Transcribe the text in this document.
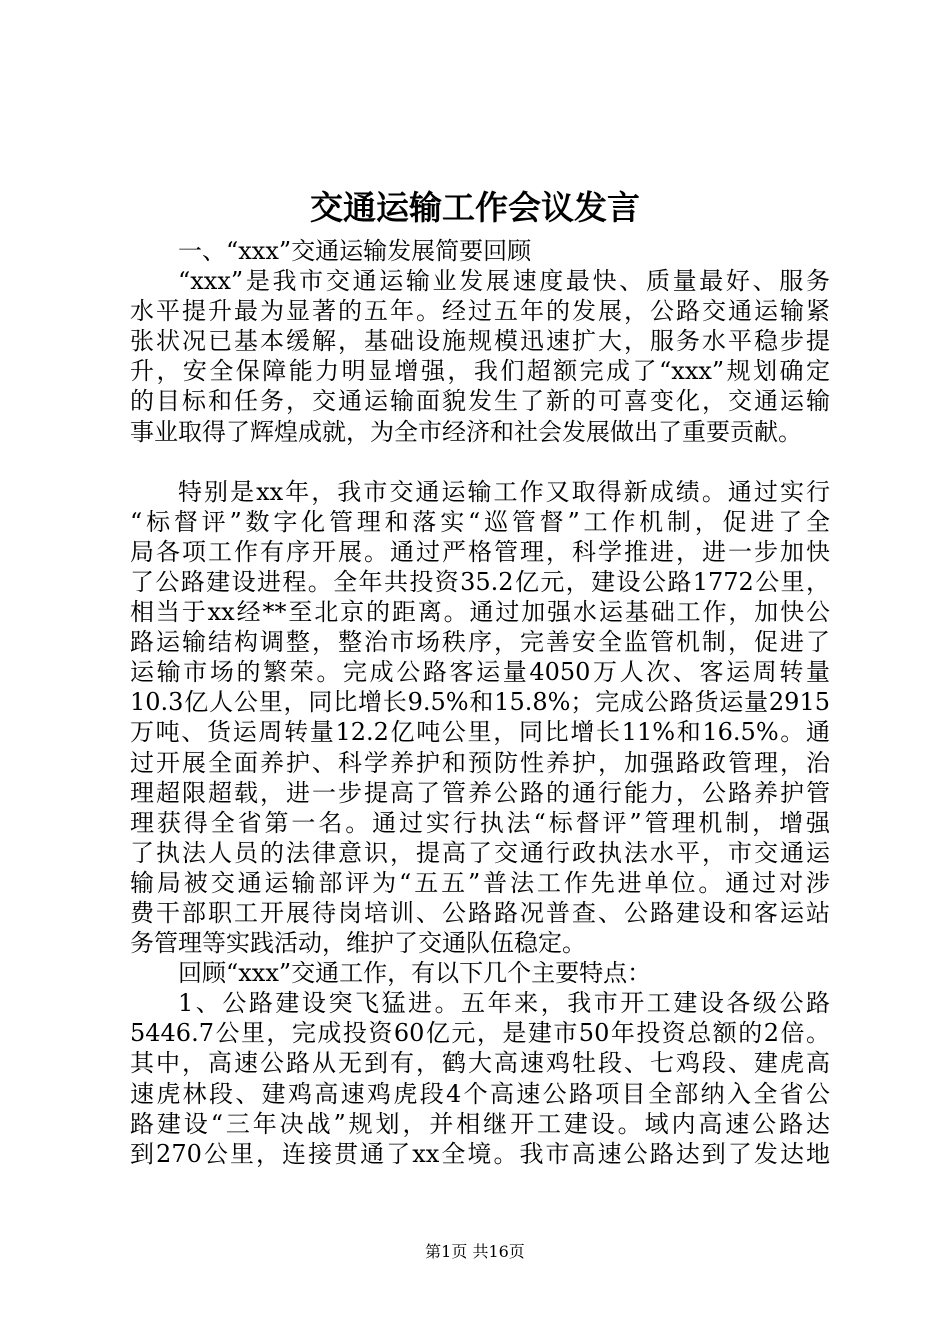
交通运输工作会议发言
一、“xxx”交通运输发展简要回顾
“xxx”是我市交通运输业发展速度最快、质量最好、服务
水平提升最为显著的五年。经过五年的发展，公路交通运输紧
张状况已基本缓解，基础设施规模迅速扩大，服务水平稳步提
升，安全保障能力明显增强，我们超额完成了“xxx”规划确定
的目标和任务，交通运输面貌发生了新的可喜变化，交通运输
事业取得了辉煌成就，为全市经济和社会发展做出了重要贡献。
特别是xx年，我市交通运输工作又取得新成绩。通过实行
“标督评”数字化管理和落实“巡管督”工作机制，促进了全
局各项工作有序开展。通过严格管理，科学推进，进一步加快
了公路建设进程。全年共投资35.2亿元，建设公路1772公里，
相当于xx经**至北京的距离。通过加强水运基础工作，加快公
路运输结构调整，整治市场秩序，完善安全监管机制，促进了
运输市场的繁荣。完成公路客运量4050万人次、客运周转量
10.3亿人公里，同比增长9.5%和15.8%；完成公路货运量2915
万吨、货运周转量12.2亿吨公里，同比增长11%和16.5%。通
过开展全面养护、科学养护和预防性养护，加强路政管理，治
理超限超载，进一步提高了管养公路的通行能力，公路养护管
理获得全省第一名。通过实行执法“标督评”管理机制，增强
了执法人员的法律意识，提高了交通行政执法水平，市交通运
输局被交通运输部评为“五五”普法工作先进单位。通过对涉
费干部职工开展待岗培训、公路路况普查、公路建设和客运站
务管理等实践活动，维护了交通队伍稳定。
回顾“xxx”交通工作，有以下几个主要特点：
1、公路建设突飞猛进。五年来，我市开工建设各级公路
5446.7公里，完成投资60亿元，是建市50年投资总额的2倍。
其中，高速公路从无到有，鹤大高速鸡牡段、七鸡段、建虎高
速虎林段、建鸡高速鸡虎段4个高速公路项目全部纳入全省公
路建设“三年决战”规划，并相继开工建设。域内高速公路达
到270公里，连接贯通了xx全境。我市高速公路达到了发达地
第1页 共16页
